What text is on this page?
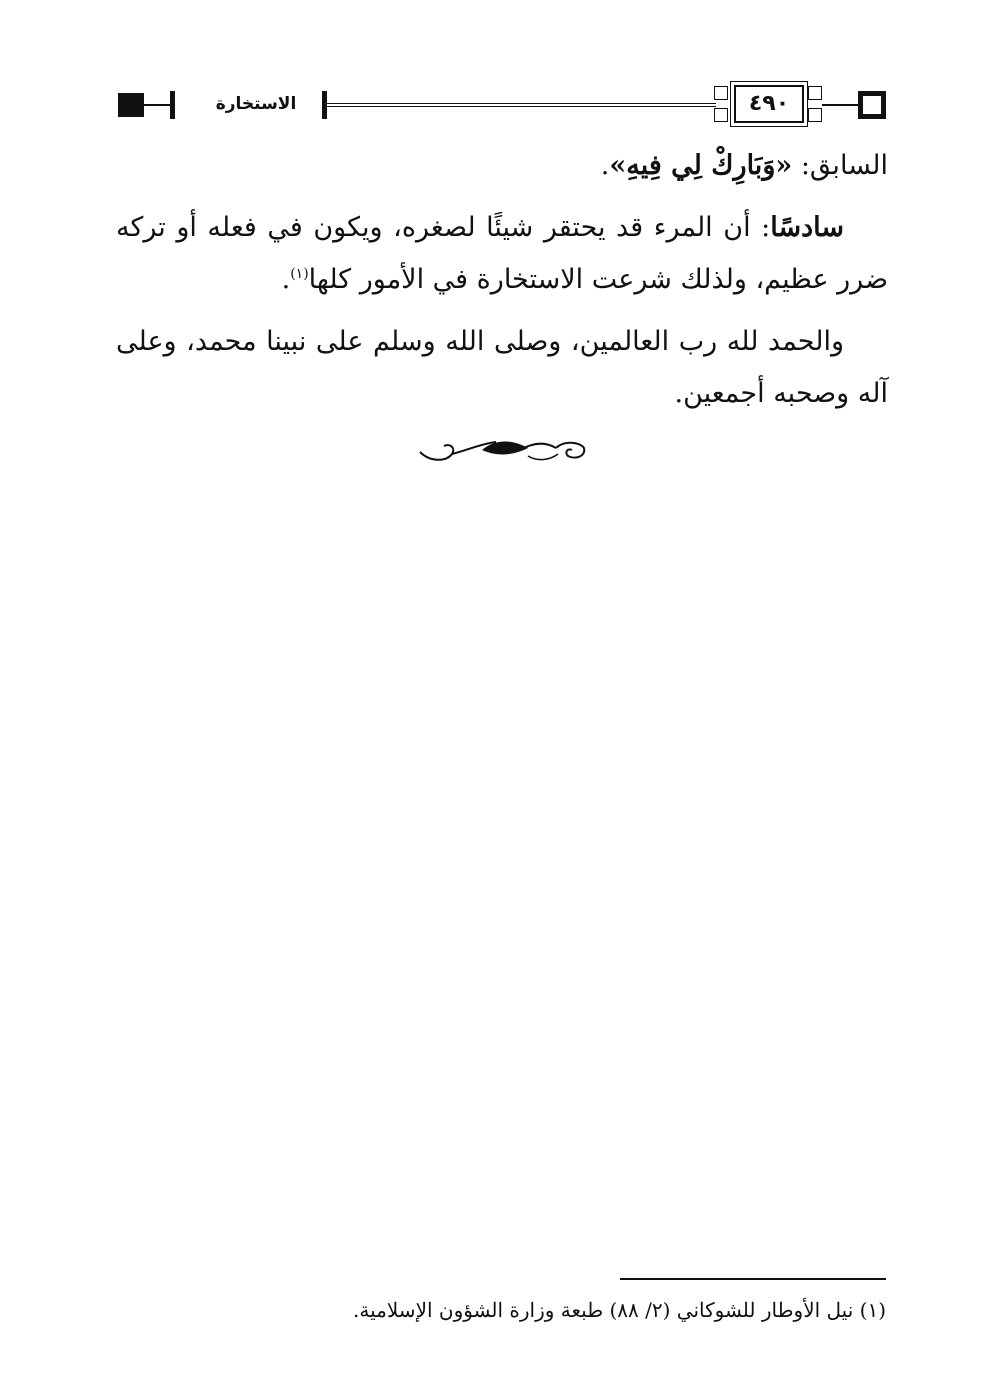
الاستخارة	٤٩٠

السابق: «وَبَارِكْ لِي فِيهِ».

سادسًا: أن المرء قد يحتقر شيئًا لصغره، ويكون في فعله أو تركه ضرر عظيم، ولذلك شرعت الاستخارة في الأمور كلها$^{(١)}$.

والحمد لله رب العالمين، وصلى الله وسلم على نبينا محمد، وعلى آله وصحبه أجمعين.

(١) نيل الأوطار للشوكاني (٢/ ٨٨) طبعة وزارة الشؤون الإسلامية.
